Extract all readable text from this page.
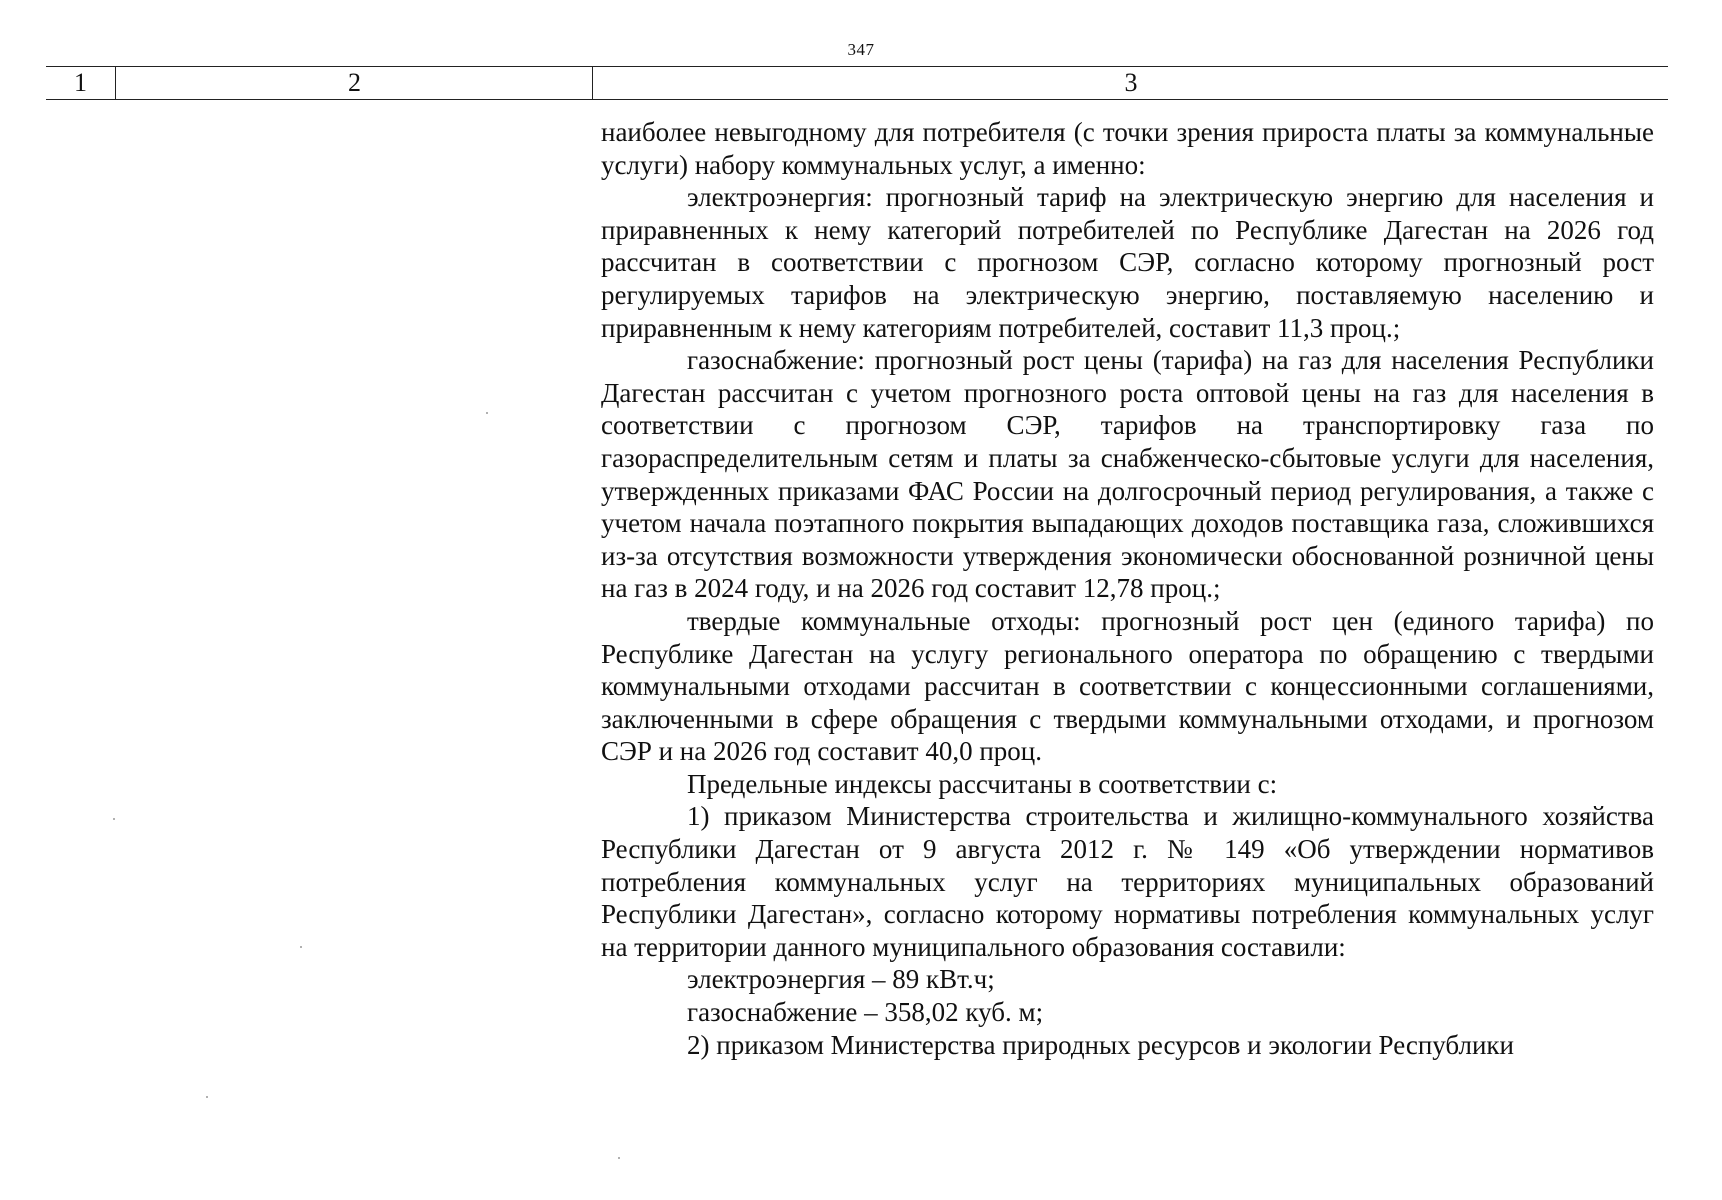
347
1	2	3

наиболее невыгодному для потребителя (с точки зрения прироста платы за коммунальные услуги) набору коммунальных услуг, а именно:

электроэнергия: прогнозный тариф на электрическую энергию для населения и приравненных к нему категорий потребителей по Республике Дагестан на 2026 год рассчитан в соответствии с прогнозом СЭР, согласно которому прогнозный рост регулируемых тарифов на электрическую энергию, поставляемую населению и приравненным к нему категориям потребителей, составит 11,3 проц.;

газоснабжение: прогнозный рост цены (тарифа) на газ для населения Республики Дагестан рассчитан с учетом прогнозного роста оптовой цены на газ для населения в соответствии с прогнозом СЭР, тарифов на транспортировку газа по газораспределительным сетям и платы за снабженческо-сбытовые услуги для населения, утвержденных приказами ФАС России на долгосрочный период регулирования, а также с учетом начала поэтапного покрытия выпадающих доходов поставщика газа, сложившихся из-за отсутствия возможности утверждения экономически обоснованной розничной цены на газ в 2024 году, и на 2026 год составит 12,78 проц.;

твердые коммунальные отходы: прогнозный рост цен (единого тарифа) по Республике Дагестан на услугу регионального оператора по обращению с твердыми коммунальными отходами рассчитан в соответствии с концессионными соглашениями, заключенными в сфере обращения с твердыми коммунальными отходами, и прогнозом СЭР и на 2026 год составит 40,0 проц.

Предельные индексы рассчитаны в соответствии с:

1) приказом Министерства строительства и жилищно-коммунального хозяйства Республики Дагестан от 9 августа 2012 г. № 149 «Об утверждении нормативов потребления коммунальных услуг на территориях муниципальных образований Республики Дагестан», согласно которому нормативы потребления коммунальных услуг на территории данного муниципального образования составили:

электроэнергия – 89 кВт.ч;

газоснабжение – 358,02 куб. м;

2) приказом Министерства природных ресурсов и экологии Республики
